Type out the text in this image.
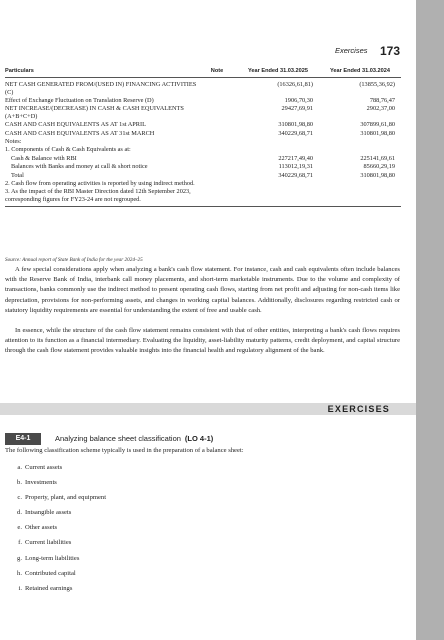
Exercises 173
Particulars	Note	Year Ended 31.03.2025	Year Ended 31.03.2024
NET CASH GENERATED FROM/(USED IN) FINANCING ACTIVITIES (C)		(16326,61,81)	(13855,36,92)
Effect of Exchange Fluctuation on Translation Reserve (D)		1906,70,30	788,76,47
NET INCREASE/(DECREASE) IN CASH & CASH EQUIVALENTS (A+B+C+D)		29427,69,91	2902,37,00
CASH AND CASH EQUIVALENTS AS AT 1st APRIL		310801,98,80	307899,61,80
CASH AND CASH EQUIVALENTS AS AT 31st MARCH		340229,68,71	310801,98,80
Notes:			
1. Components of Cash & Cash Equivalents as at:			
Cash & Balance with RBI		227217,49,40	225141,69,61
Balances with Banks and money at call & short notice		113012,19,31	85660,29,19
Total		340229,68,71	310801,98,80
2. Cash flow from operating activities is reported by using indirect method.			
3. As the impact of the RBI Master Direction dated 12th September 2023, corresponding figures for FY23-24 are not regrouped.			
Source: Annual report of State Bank of India for the year 2024–25

A few special considerations apply when analyzing a bank's cash flow statement. For instance, cash and cash equivalents often include balances with the Reserve Bank of India, interbank call money placements, and short-term marketable instruments. Due to the volume and complexity of transactions, banks commonly use the indirect method to present operating cash flows, starting from net profit and adjusting for non-cash items like depreciation, provisions for non-performing assets, and changes in working capital balances. Additionally, disclosures regarding restricted cash or statutory liquidity requirements are essential for understanding the extent of free and usable cash.

In essence, while the structure of the cash flow statement remains consistent with that of other entities, interpreting a bank's cash flows requires attention to its function as a financial intermediary. Evaluating the liquidity, asset-liability maturity patterns, credit deployment, and capital structure through the cash flow statement provides valuable insights into the financial health and regulatory alignment of the bank.

EXERCISES
E4-1	Analyzing balance sheet classification (LO 4-1)

The following classification scheme typically is used in the preparation of a balance sheet:

a. Current assets
b. Investments
c. Property, plant, and equipment
d. Intsangible assets
e. Other assets
f. Current liabilities
g. Long-term liabilities
h. Contributed capital
i. Retained earnings
